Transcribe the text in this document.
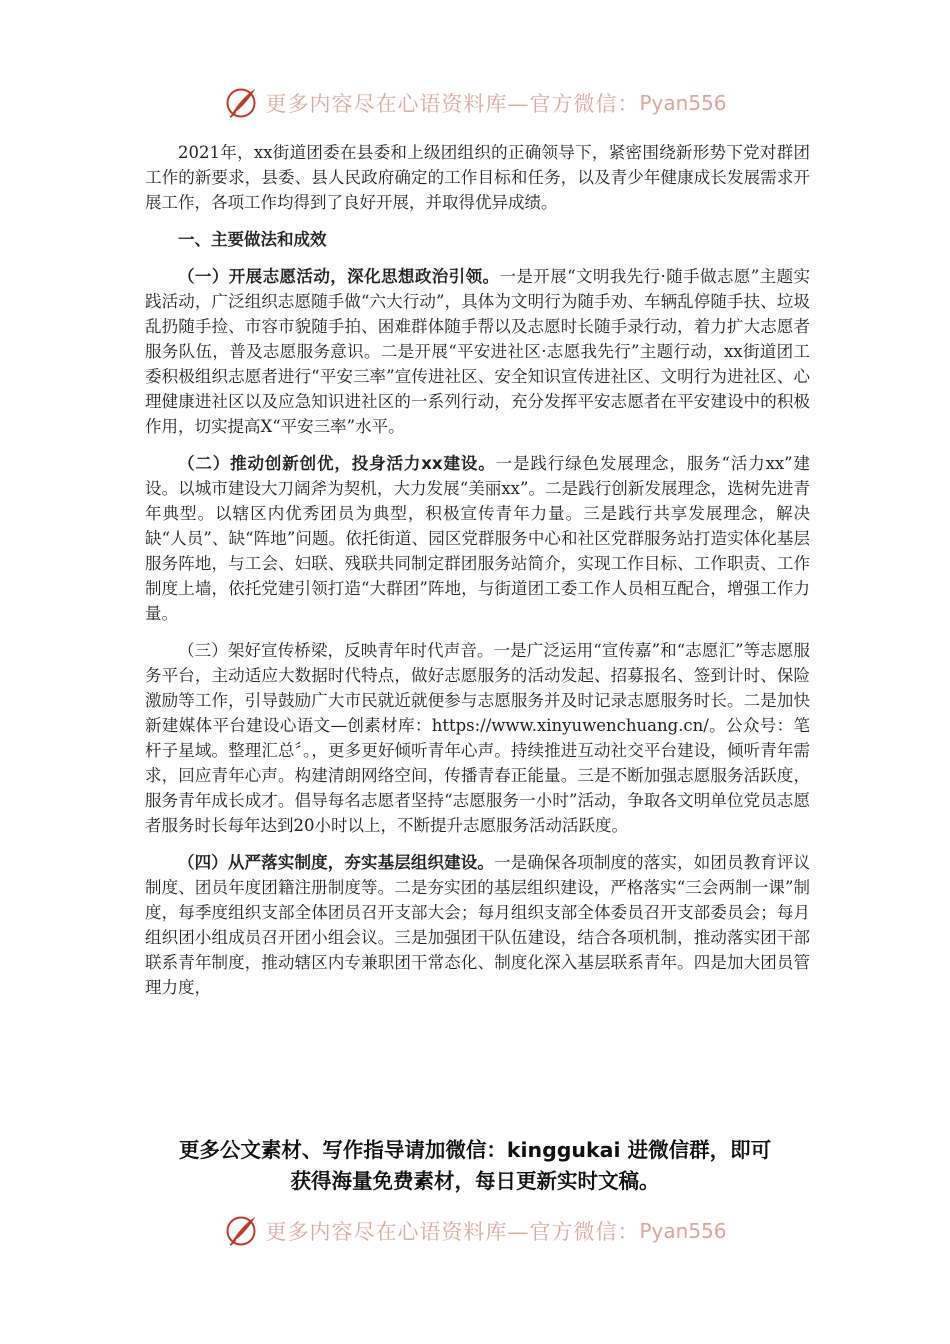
更多内容尽在心语资料库—官方微信： Pyan556

2021年，xx街道团委在县委和上级团组织的正确领导下，紧密围绕新形势下党对群团工作的新要求，县委、县人民政府确定的工作目标和任务，以及青少年健康成长发展需求开展工作，各项工作均得到了良好开展，并取得优异成绩。

一、主要做法和成效

（一）开展志愿活动，深化思想政治引领。一是开展“文明我先行·随手做志愿”主题实践活动，广泛组织志愿随手做“六大行动”，具体为文明行为随手劝、车辆乱停随手扶、垃圾乱扔随手捡、市容市貌随手拍、困难群体随手帮以及志愿时长随手录行动，着力扩大志愿者服务队伍，普及志愿服务意识。二是开展“平安进社区·志愿我先行”主题行动，xx街道团工委积极组织志愿者进行“平安三率”宣传进社区、安全知识宣传进社区、文明行为进社区、心理健康进社区以及应急知识进社区的一系列行动，充分发挥平安志愿者在平安建设中的积极作用，切实提高X“平安三率”水平。

（二）推动创新创优，投身活力xx建设。一是践行绿色发展理念，服务“活力xx”建设。以城市建设大刀阔斧为契机，大力发展“美丽xx”。二是践行创新发展理念，选树先进青年典型。以辖区内优秀团员为典型，积极宣传青年力量。三是践行共享发展理念，解决缺“人员”、缺“阵地”问题。依托街道、园区党群服务中心和社区党群服务站打造实体化基层服务阵地，与工会、妇联、残联共同制定群团服务站简介，实现工作目标、工作职责、工作制度上墙，依托党建引领打造“大群团”阵地，与街道团工委工作人员相互配合，增强工作力量。

（三）架好宣传桥梁，反映青年时代声音。一是广泛运用“宣传嘉”和“志愿汇”等志愿服务平台，主动适应大数据时代特点，做好志愿服务的活动发起、招募报名、签到计时、保险激励等工作，引导鼓励广大市民就近就便参与志愿服务并及时记录志愿服务时长。二是加快新建媒体平台建设心语文—创素材库：https://www.xinyuwenchuang.cn/。公众号：笔杆子星域。整理汇总〞。，更多更好倾听青年心声。持续推进互动社交平台建设，倾听青年需求，回应青年心声。构建清朗网络空间，传播青春正能量。三是不断加强志愿服务活跃度，服务青年成长成才。倡导每名志愿者坚持“志愿服务一小时”活动，争取各文明单位党员志愿者服务时长每年达到20小时以上，不断提升志愿服务活动活跃度。

（四）从严落实制度，夯实基层组织建设。一是确保各项制度的落实，如团员教育评议制度、团员年度团籍注册制度等。二是夯实团的基层组织建设，严格落实“三会两制一课”制度，每季度组织支部全体团员召开支部大会；每月组织支部全体委员召开支部委员会；每月组织团小组成员召开团小组会议。三是加强团干队伍建设，结合各项机制，推动落实团干部联系青年制度，推动辖区内专兼职团干常态化、制度化深入基层联系青年。四是加大团员管理力度，

更多公文素材、写作指导请加微信：kinggukai 进微信群，即可
获得海量免费素材，每日更新实时文稿。
更多内容尽在心语资料库—官方微信： Pyan556
